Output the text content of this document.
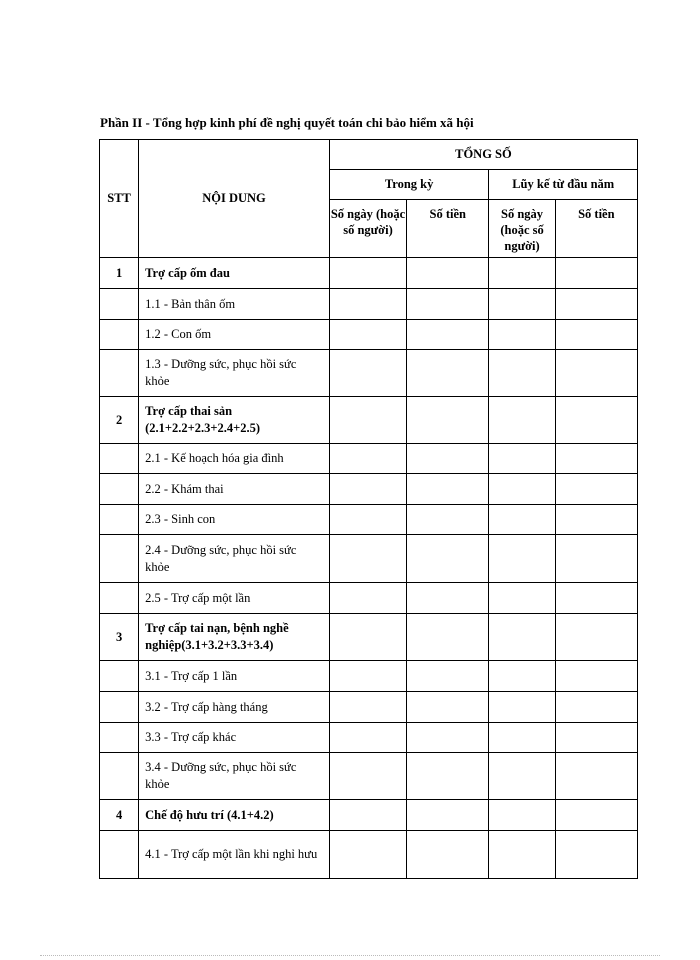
Phần II - Tổng hợp kinh phí đề nghị quyết toán chi bảo hiểm xã hội
STT	NỘI DUNG	TỔNG SỐ			
		Trong kỳ		Lũy kế từ đầu năm	
		Số ngày (hoặc số người)	Số tiền	Số ngày (hoặc số người)	Số tiền
1	Trợ cấp ốm đau				
	1.1 - Bản thân ốm				
	1.2 - Con ốm				
	1.3 - Dưỡng sức, phục hồi sức khỏe				
2	Trợ cấp thai sản (2.1+2.2+2.3+2.4+2.5)				
	2.1 - Kế hoạch hóa gia đình				
	2.2 - Khám thai				
	2.3 - Sinh con				
	2.4 - Dưỡng sức, phục hồi sức khỏe				
	2.5 - Trợ cấp một lần				
3	Trợ cấp tai nạn, bệnh nghề nghiệp(3.1+3.2+3.3+3.4)				
	3.1 - Trợ cấp 1 lần				
	3.2 - Trợ cấp hàng tháng				
	3.3 - Trợ cấp khác				
	3.4 - Dưỡng sức, phục hồi sức khỏe				
4	Chế độ hưu trí (4.1+4.2)				
	4.1 - Trợ cấp một lần khi nghỉ hưu				
